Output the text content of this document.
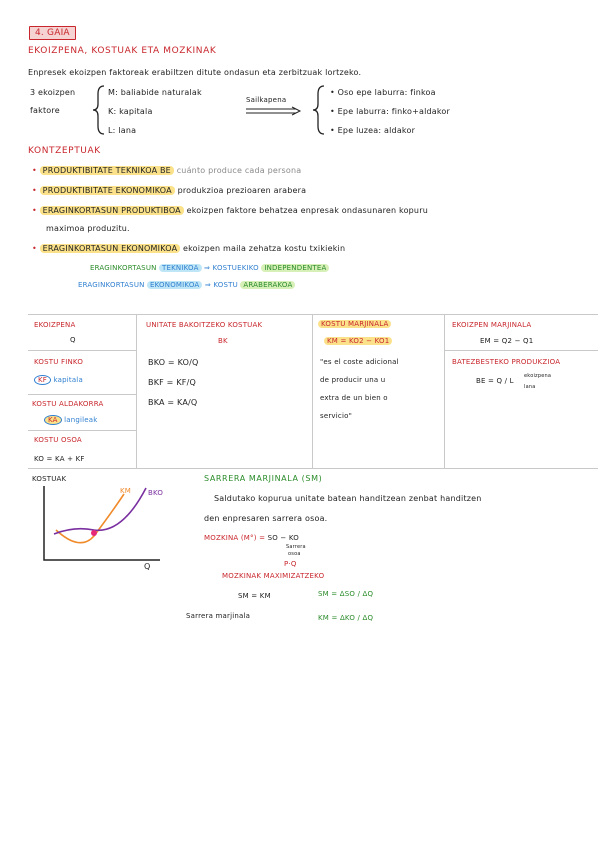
4. GAIA
EKOIZPENA, KOSTUAK ETA MOZKINAK
Enpresek ekoizpen faktoreak erabiltzen ditute ondasun eta zerbitzuak lortzeko.
3 ekoizpen
faktore
M: baliabide naturalak
K: kapitala
L: lana
Sailkapena
• Oso epe laburra: finkoa
• Epe laburra: finko+aldakor
• Epe luzea: aldakor
KONTZEPTUAK
• PRODUKTIBITATE TEKNIKOA BE cuánto produce cada persona
• PRODUKTIBITATE EKONOMIKOA produkzioa prezioaren arabera
• ERAGINKORTASUN PRODUKTIBOA ekoizpen faktore behatzea enpresak ondasunaren kopuru
maximoa produzitu.
• ERAGINKORTASUN EKONOMIKOA ekoizpen maila zehatza kostu txikiekin
ERAGINKORTASUN TEKNIKOA ⇒ KOSTUEKIKO INDEPENDENTEA
ERAGINKORTASUN EKONOMIKOA ⇒ KOSTU ARABERAKOA
EKOIZPENA
Q
KOSTU FINKO
KF kapitala
KOSTU ALDAKORRA
KA langileak
KOSTU OSOA
KO = KA + KF
UNITATE BAKOITZEKO KOSTUAK
BK
BKO = KO/Q
BKF = KF/Q
BKA = KA/Q
KOSTU MARJINALA
KM = KO2 − KO1
"es el coste adicional
de producir una u
extra de un bien o
servicio"
EKOIZPEN MARJINALA
EM = Q2 − Q1
BATEZBESTEKO PRODUKZIOA
BE = Q / L
ekoizpena
lana
KOSTUAK
KM BKO
Q
SARRERA MARJINALA (SM)
Saldutako kopurua unitate batean handitzean zenbat handitzen
den enpresaren sarrera osoa.
MOZKINA (M°) = SO − KO
Sarrera
osoa
P·Q
MOZKINAK MAXIMIZATZEKO
SM = KM
Sarrera marjinala
SM = ΔSO / ΔQ
KM = ΔKO / ΔQ
